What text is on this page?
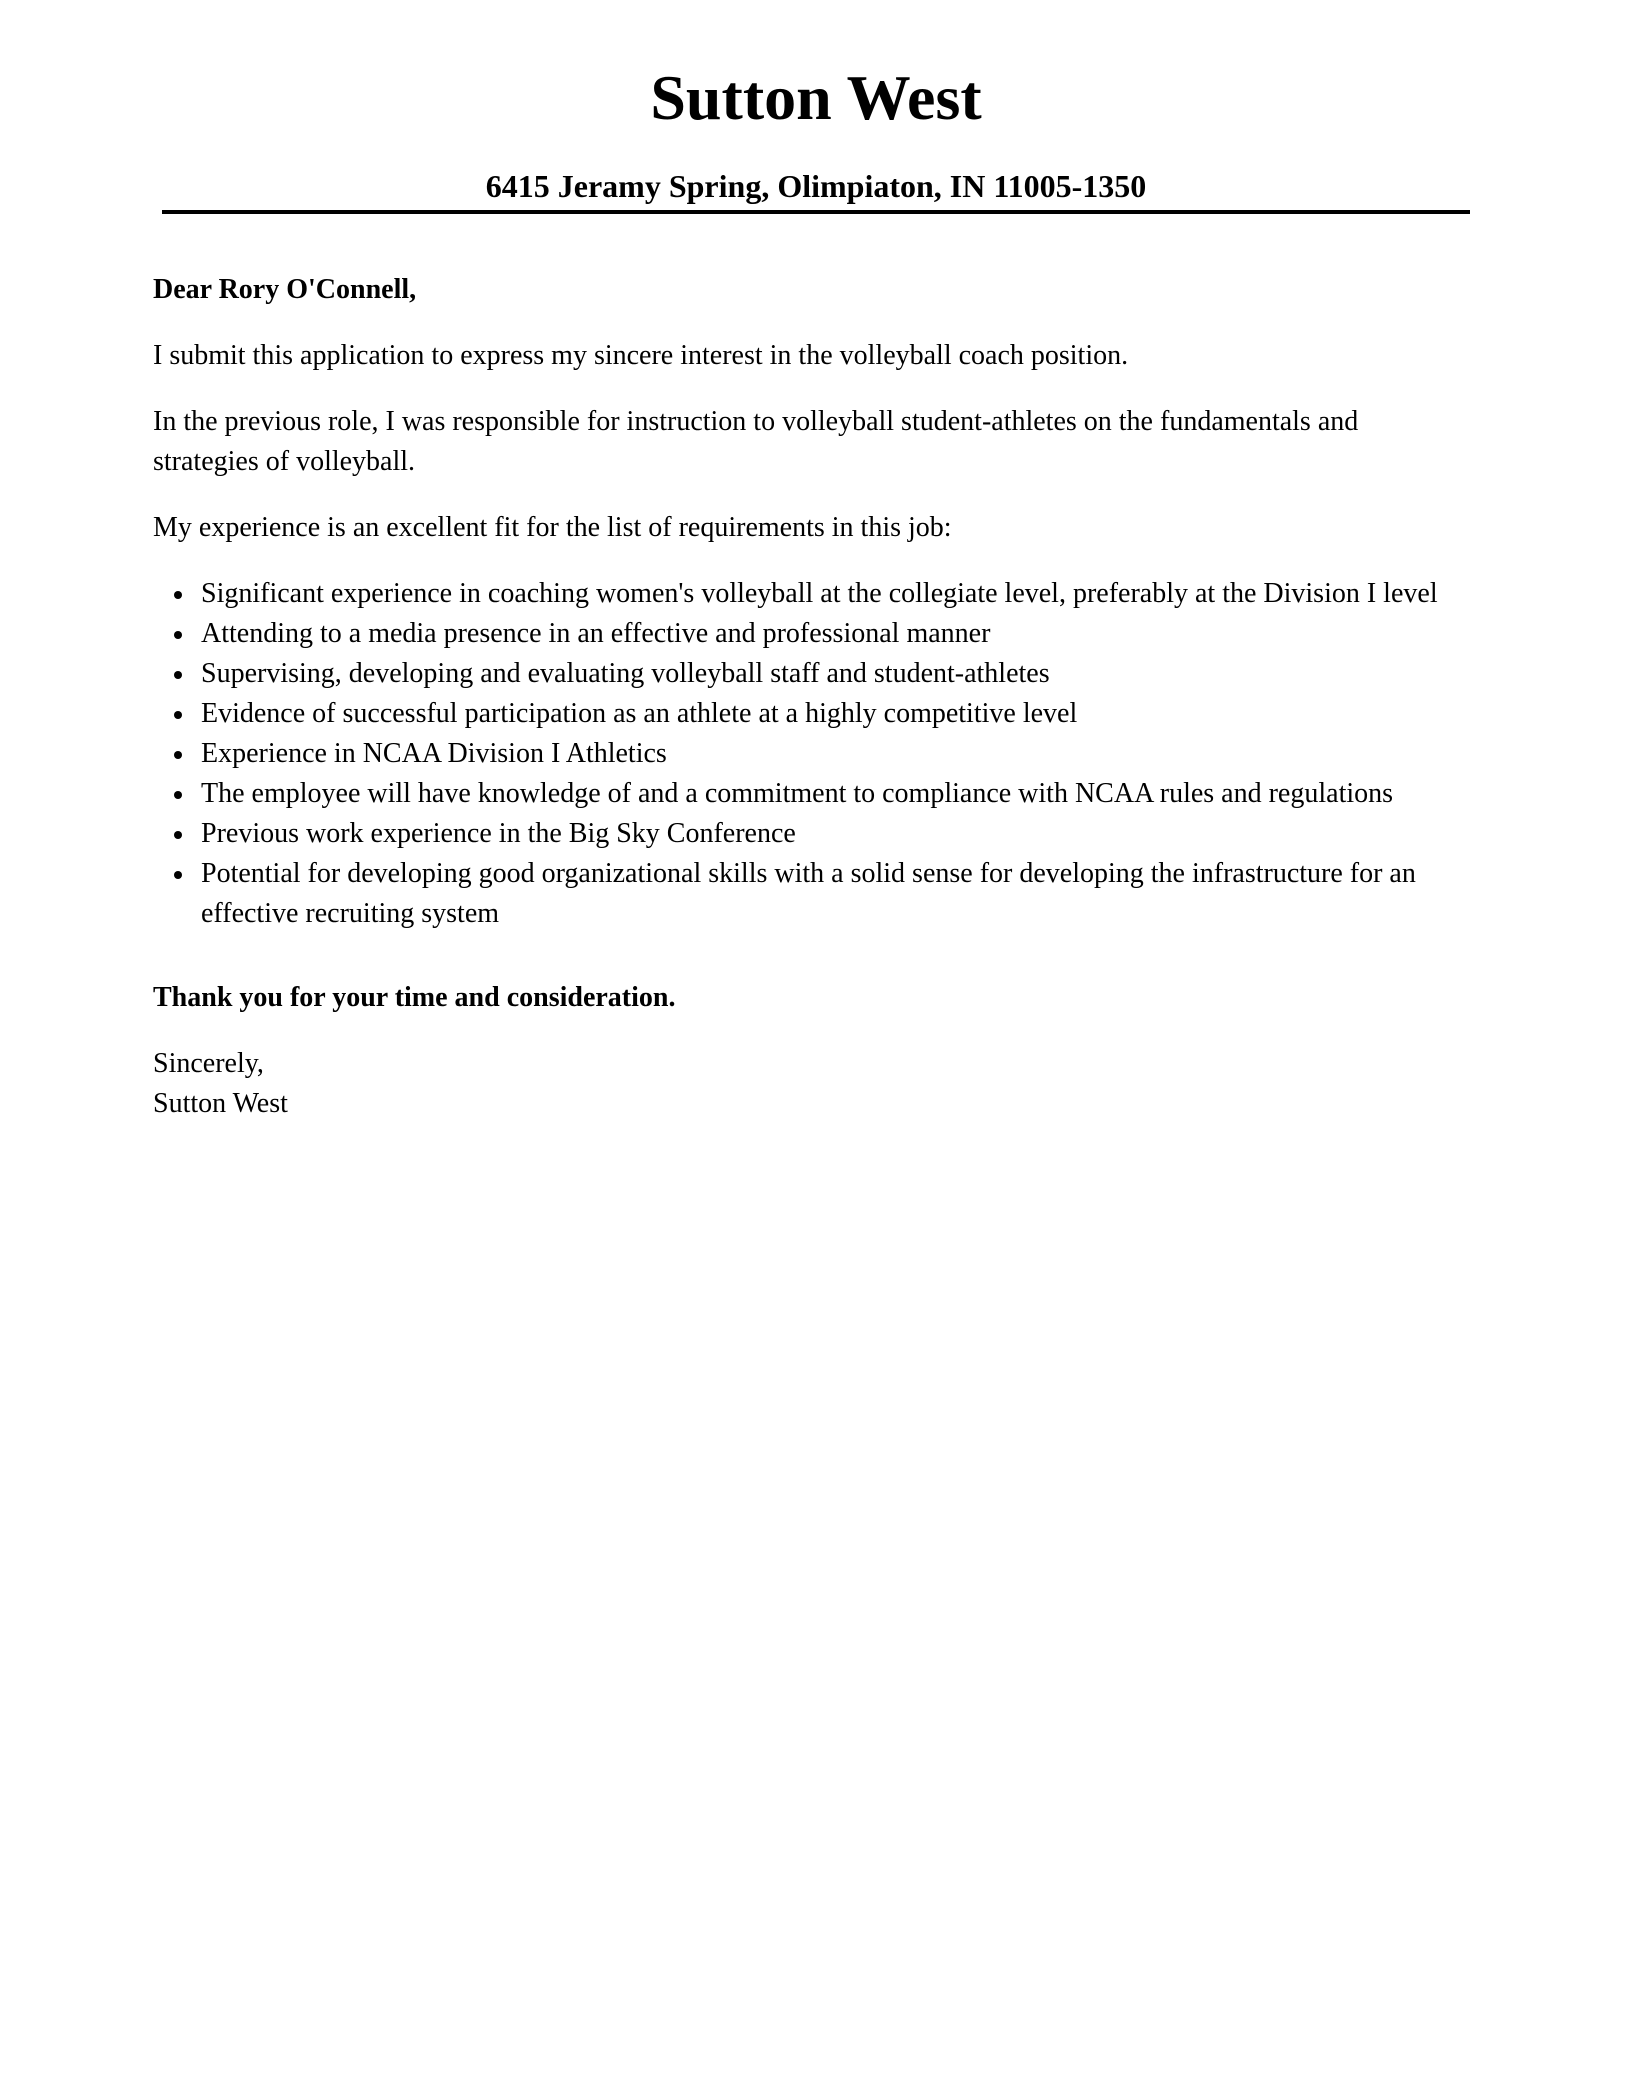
Sutton West
6415 Jeramy Spring, Olimpiaton, IN 11005-1350
Dear Rory O'Connell,

I submit this application to express my sincere interest in the volleyball coach position.

In the previous role, I was responsible for instruction to volleyball student-athletes on the fundamentals and strategies of volleyball.

My experience is an excellent fit for the list of requirements in this job:

Significant experience in coaching women's volleyball at the collegiate level, preferably at the Division I level
Attending to a media presence in an effective and professional manner
Supervising, developing and evaluating volleyball staff and student-athletes
Evidence of successful participation as an athlete at a highly competitive level
Experience in NCAA Division I Athletics
The employee will have knowledge of and a commitment to compliance with NCAA rules and regulations
Previous work experience in the Big Sky Conference
Potential for developing good organizational skills with a solid sense for developing the infrastructure for an effective recruiting system
Thank you for your time and consideration.
Sincerely,
Sutton West
